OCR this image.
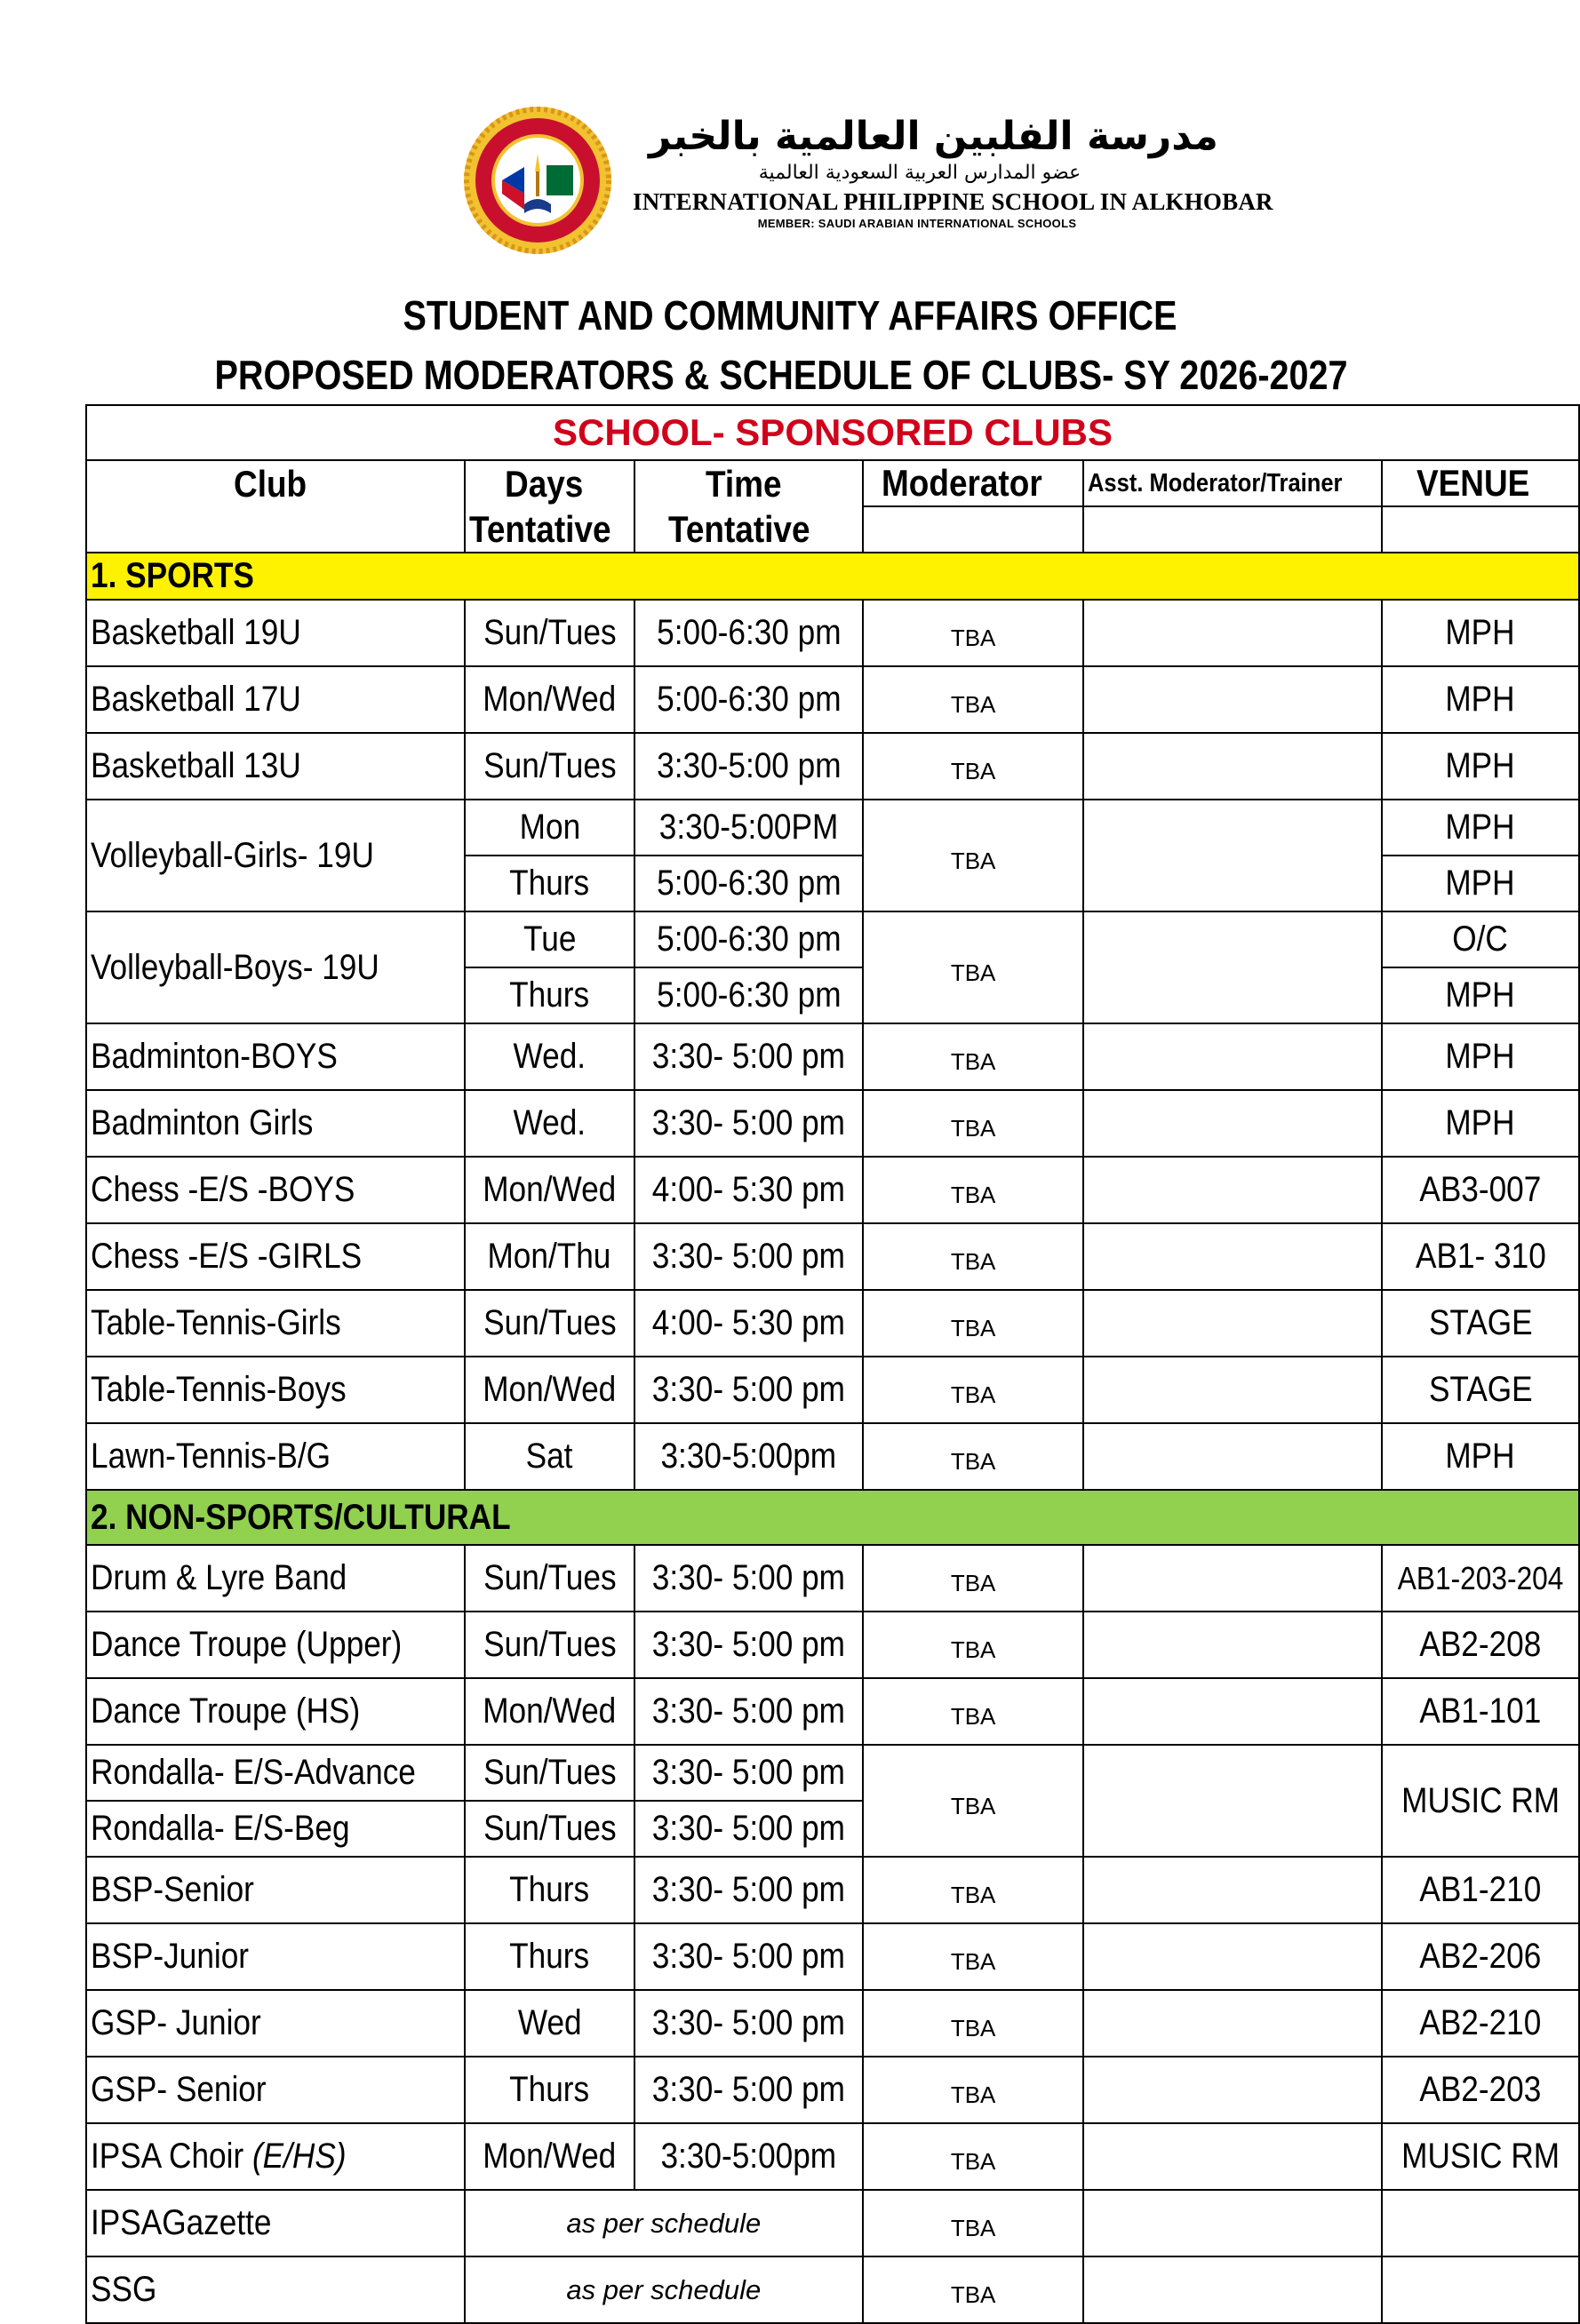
مدرسة الفلبين العالمية بالخبر
عضو المدارس العربية السعودية العالمية
INTERNATIONAL PHILIPPINE SCHOOL IN ALKHOBAR
MEMBER: SAUDI ARABIAN INTERNATIONAL SCHOOLS
STUDENT AND COMMUNITY AFFAIRS OFFICE
PROPOSED MODERATORS & SCHEDULE OF CLUBS- SY 2026-2027
SCHOOL- SPONSORED CLUBS					
Club	Days	Time	Moderator	Asst. Moderator/Trainer	VENUE
	Tentative	Tentative			
1. SPORTS					
Basketball 19U	Sun/Tues	5:00-6:30 pm	TBA		MPH
Basketball 17U	Mon/Wed	5:00-6:30 pm	TBA		MPH
Basketball 13U	Sun/Tues	3:30-5:00 pm	TBA		MPH
Volleyball-Girls- 19U	Mon	3:30-5:00PM	TBA		MPH
	Thurs	5:00-6:30 pm			MPH
Volleyball-Boys- 19U	Tue	5:00-6:30 pm	TBA		O/C
	Thurs	5:00-6:30 pm			MPH
Badminton-BOYS	Wed.	3:30- 5:00 pm	TBA		MPH
Badminton Girls	Wed.	3:30- 5:00 pm	TBA		MPH
Chess -E/S -BOYS	Mon/Wed	4:00- 5:30 pm	TBA		AB3-007
Chess -E/S -GIRLS	Mon/Thu	3:30- 5:00 pm	TBA		AB1- 310
Table-Tennis-Girls	Sun/Tues	4:00- 5:30 pm	TBA		STAGE
Table-Tennis-Boys	Mon/Wed	3:30- 5:00 pm	TBA		STAGE
Lawn-Tennis-B/G	Sat	3:30-5:00pm	TBA		MPH
2. NON-SPORTS/CULTURAL					
Drum & Lyre Band	Sun/Tues	3:30- 5:00 pm	TBA		AB1-203-204
Dance Troupe (Upper)	Sun/Tues	3:30- 5:00 pm	TBA		AB2-208
Dance Troupe (HS)	Mon/Wed	3:30- 5:00 pm	TBA		AB1-101
Rondalla- E/S-Advance	Sun/Tues	3:30- 5:00 pm	TBA		MUSIC RM
Rondalla- E/S-Beg	Sun/Tues	3:30- 5:00 pm			
BSP-Senior	Thurs	3:30- 5:00 pm	TBA		AB1-210
BSP-Junior	Thurs	3:30- 5:00 pm	TBA		AB2-206
GSP- Junior	Wed	3:30- 5:00 pm	TBA		AB2-210
GSP- Senior	Thurs	3:30- 5:00 pm	TBA		AB2-203
IPSA Choir (E/HS)	Mon/Wed	3:30-5:00pm	TBA		MUSIC RM
IPSAGazette	as per schedule		TBA		
SSG	as per schedule		TBA		
